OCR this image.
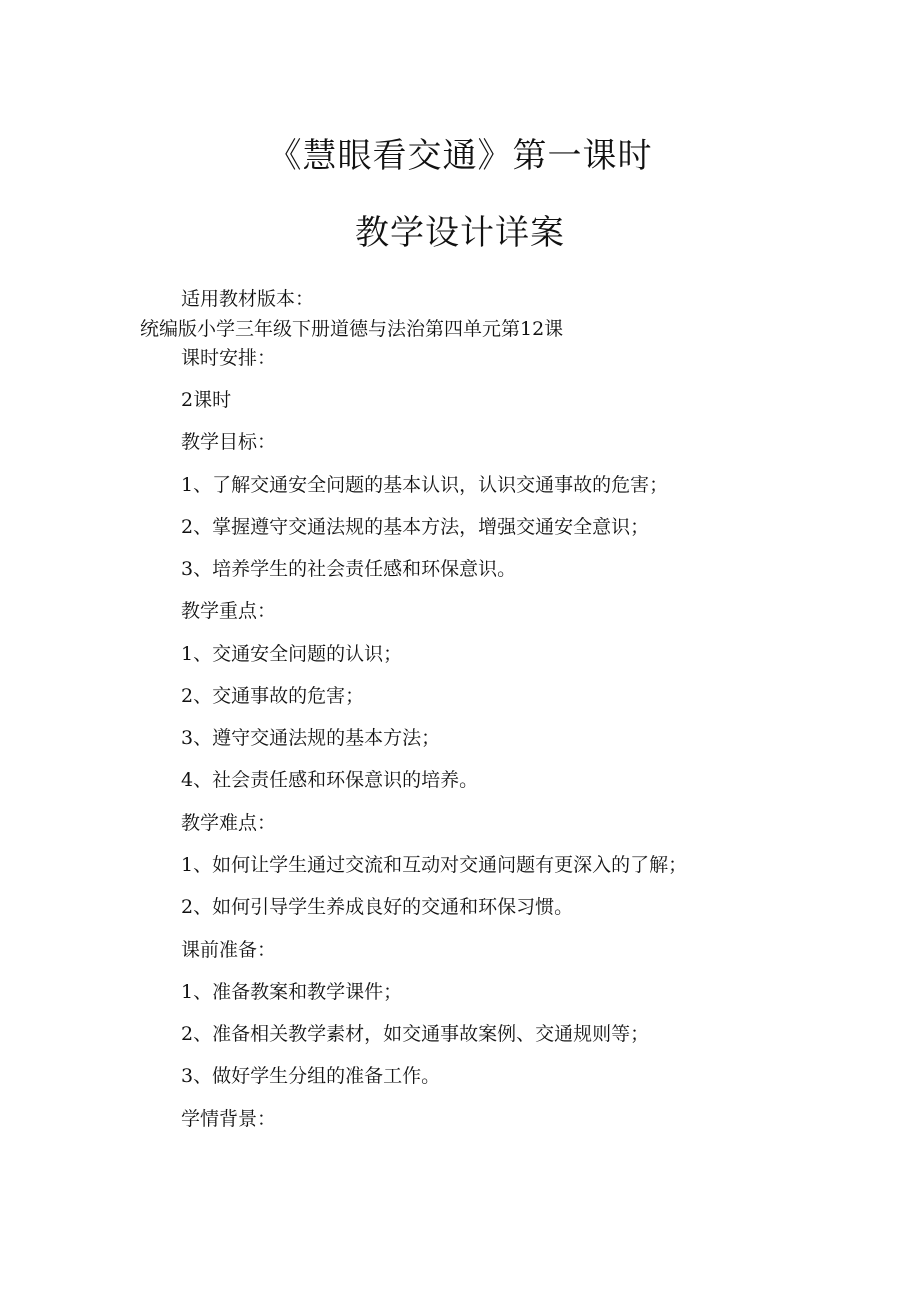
《慧眼看交通》第一课时
教学设计详案
适用教材版本：
统编版小学三年级下册道德与法治第四单元第12课
课时安排：
2课时
教学目标：
1、了解交通安全问题的基本认识，认识交通事故的危害；
2、掌握遵守交通法规的基本方法，增强交通安全意识；
3、培养学生的社会责任感和环保意识。
教学重点：
1、交通安全问题的认识；
2、交通事故的危害；
3、遵守交通法规的基本方法；
4、社会责任感和环保意识的培养。
教学难点：
1、如何让学生通过交流和互动对交通问题有更深入的了解；
2、如何引导学生养成良好的交通和环保习惯。
课前准备：
1、准备教案和教学课件；
2、准备相关教学素材，如交通事故案例、交通规则等；
3、做好学生分组的准备工作。
学情背景：
